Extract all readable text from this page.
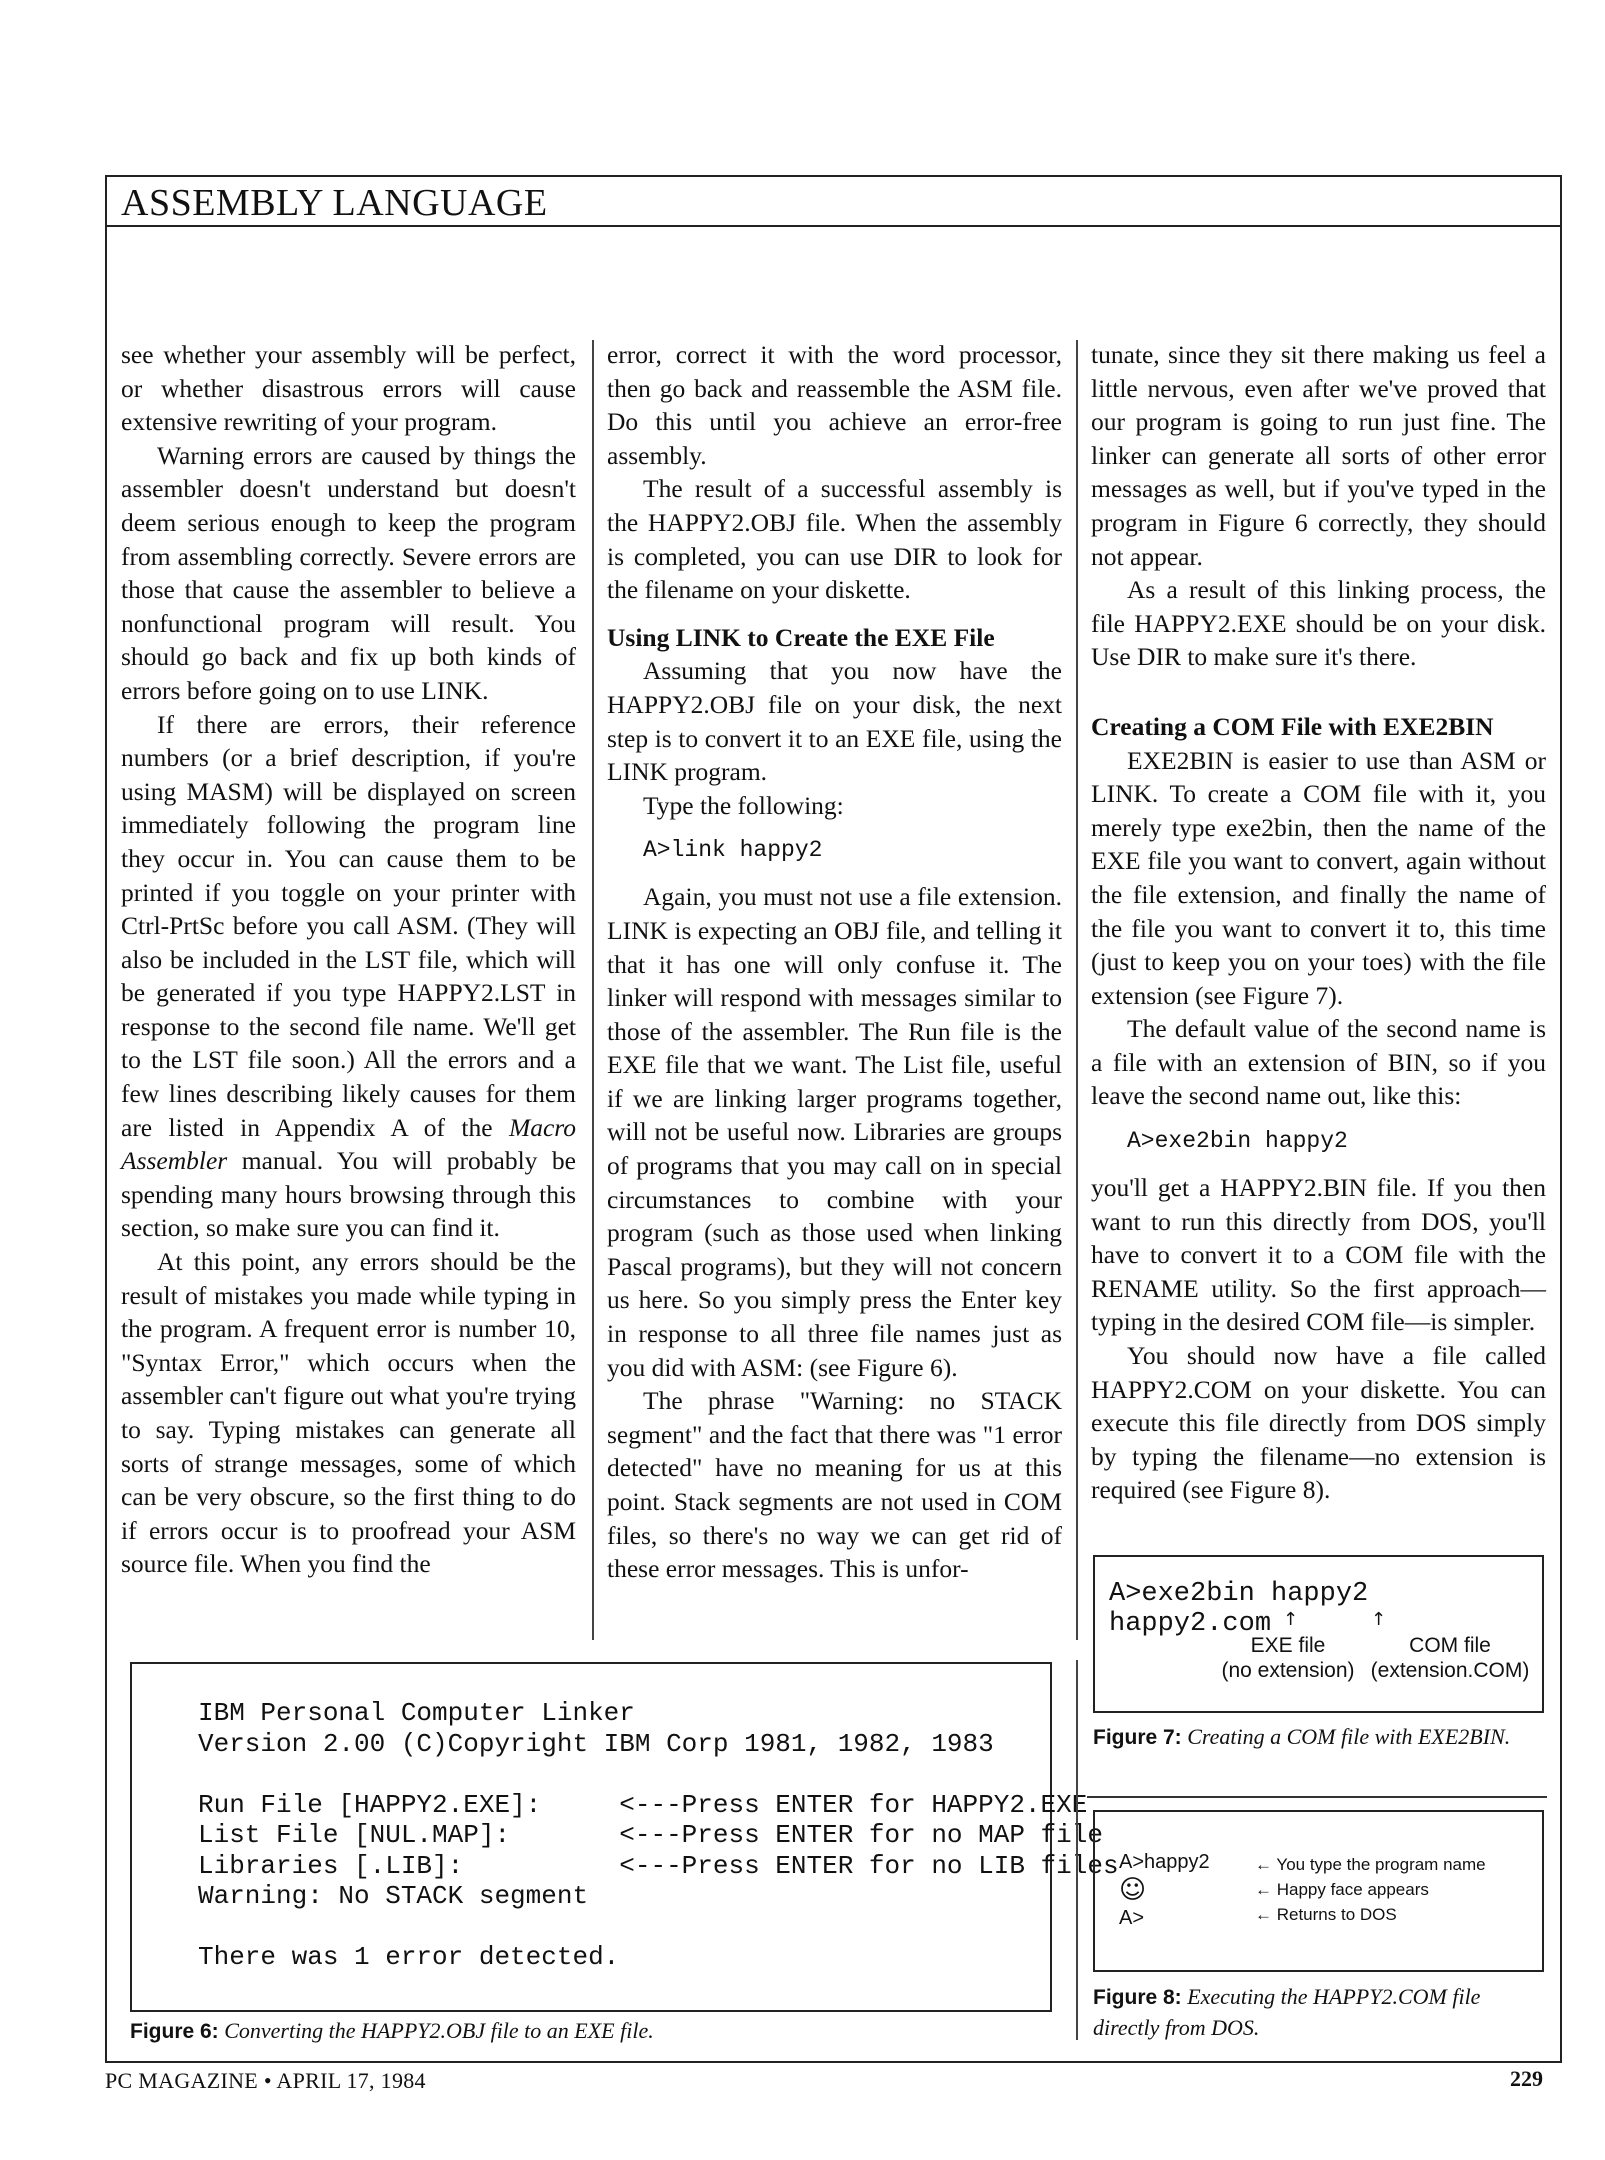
ASSEMBLY LANGUAGE

see whether your assembly will be perfect, or whether disastrous errors will cause extensive rewriting of your program.

Warning errors are caused by things the assembler doesn't understand but doesn't deem serious enough to keep the program from assembling correctly. Severe errors are those that cause the assembler to believe a nonfunctional program will result. You should go back and fix up both kinds of errors before going on to use LINK.

If there are errors, their reference numbers (or a brief description, if you're using MASM) will be displayed on screen immediately following the program line they occur in. You can cause them to be printed if you toggle on your printer with Ctrl-PrtSc before you call ASM. (They will also be included in the LST file, which will be generated if you type HAPPY2.LST in response to the second file name. We'll get to the LST file soon.) All the errors and a few lines describing likely causes for them are listed in Appendix A of the Macro Assembler manual. You will probably be spending many hours browsing through this section, so make sure you can find it.

At this point, any errors should be the result of mistakes you made while typing in the program. A frequent error is number 10, "Syntax Error," which occurs when the assembler can't figure out what you're trying to say. Typing mistakes can generate all sorts of strange messages, some of which can be very obscure, so the first thing to do if errors occur is to proofread your ASM source file. When you find the

error, correct it with the word processor, then go back and reassemble the ASM file. Do this until you achieve an error-free assembly.

The result of a successful assembly is the HAPPY2.OBJ file. When the assembly is completed, you can use DIR to look for the filename on your diskette.

Using LINK to Create the EXE File

Assuming that you now have the HAPPY2.OBJ file on your disk, the next step is to convert it to an EXE file, using the LINK program.

Type the following:

A>link happy2

Again, you must not use a file extension. LINK is expecting an OBJ file, and telling it that it has one will only confuse it. The linker will respond with messages similar to those of the assembler. The Run file is the EXE file that we want. The List file, useful if we are linking larger programs together, will not be useful now. Libraries are groups of programs that you may call on in special circumstances to combine with your program (such as those used when linking Pascal programs), but they will not concern us here. So you simply press the Enter key in response to all three file names just as you did with ASM: (see Figure 6).

The phrase "Warning: no STACK segment" and the fact that there was "1 error detected" have no meaning for us at this point. Stack segments are not used in COM files, so there's no way we can get rid of these error messages. This is unfor-

tunate, since they sit there making us feel a little nervous, even after we've proved that our program is going to run just fine. The linker can generate all sorts of other error messages as well, but if you've typed in the program in Figure 6 correctly, they should not appear.

As a result of this linking process, the file HAPPY2.EXE should be on your disk. Use DIR to make sure it's there.

Creating a COM File with EXE2BIN

EXE2BIN is easier to use than ASM or LINK. To create a COM file with it, you merely type exe2bin, then the name of the EXE file you want to convert, again without the file extension, and finally the name of the file you want to convert it to, this time (just to keep you on your toes) with the file extension (see Figure 7).

The default value of the second name is a file with an extension of BIN, so if you leave the second name out, like this:

A>exe2bin happy2

you'll get a HAPPY2.BIN file. If you then want to run this directly from DOS, you'll have to convert it to a COM file with the RENAME utility. So the first approach—typing in the desired COM file—is simpler.

You should now have a file called HAPPY2.COM on your diskette. You can execute this file directly from DOS simply by typing the filename—no extension is required (see Figure 8).

IBM Personal Computer Linker
Version 2.00 (C)Copyright IBM Corp 1981, 1982, 1983

Run File [HAPPY2.EXE]:     <---Press ENTER for HAPPY2.EXE
List File [NUL.MAP]:       <---Press ENTER for no MAP file
Libraries [.LIB]:          <---Press ENTER for no LIB files
Warning: No STACK segment

There was 1 error detected.
Figure 6: Converting the HAPPY2.OBJ file to an EXE file.
A>exe2bin happy2 happy2.com ↑	↑
EXE file
(no extension)
COM file
(extension.COM)
Figure 7: Creating a COM file with EXE2BIN.
A>happy2
☺
A>
← You type the program name
← Happy face appears
← Returns to DOS
Figure 8: Executing the HAPPY2.COM file directly from DOS.
PC MAGAZINE • APRIL 17, 1984	229
